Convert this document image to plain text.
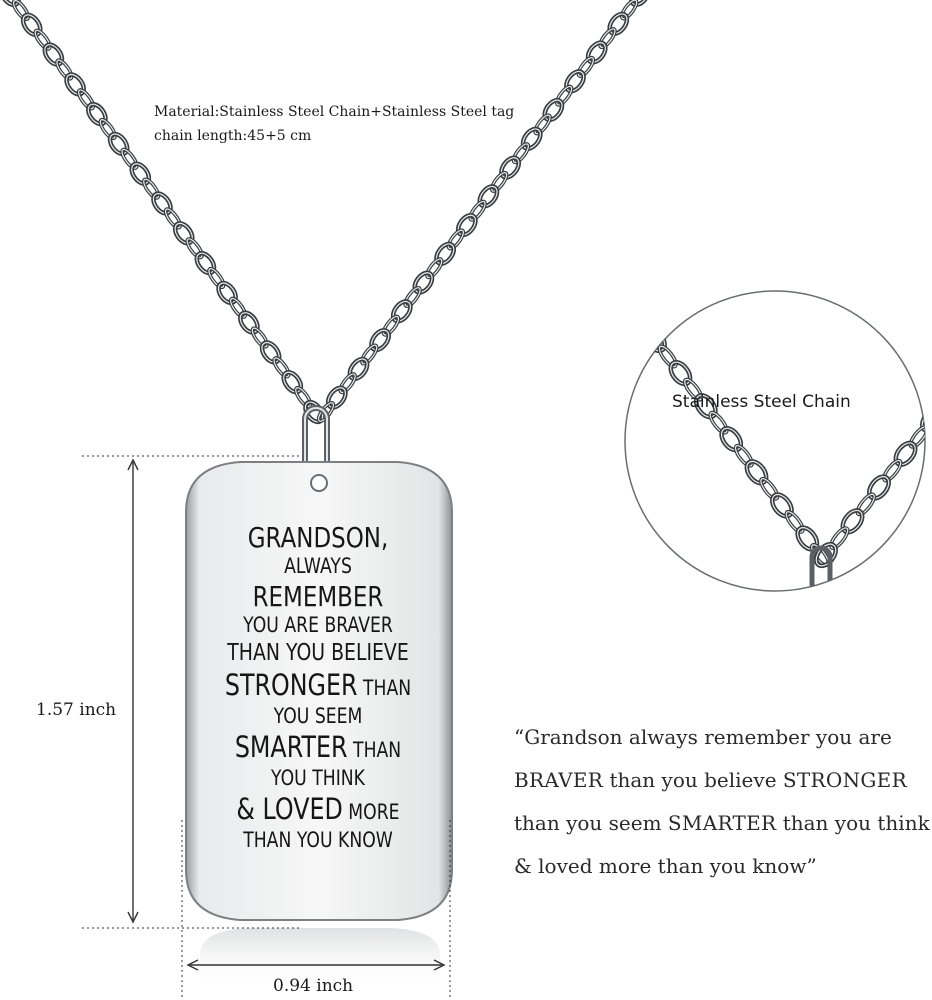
Material:Stainless Steel Chain+Stainless Steel tag
chain length:45+5 cm
1.57 inch
0.94 inch
Stainless Steel Chain
GRANDSON,
ALWAYS
REMEMBER
YOU ARE BRAVER
THAN YOU BELIEVE
STRONGER THAN
YOU SEEM
SMARTER THAN
YOU THINK
& LOVED MORE
THAN YOU KNOW
“Grandson always remember you are BRAVER than you believe STRONGER than you seem SMARTER than you think & loved more than you know”
